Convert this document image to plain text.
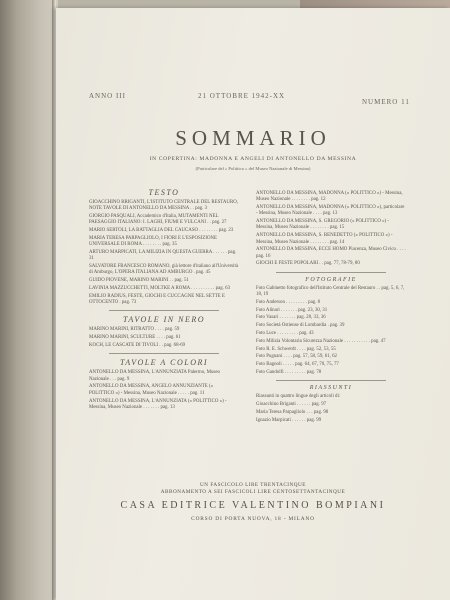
ANNO III	21 OTTOBRE 1942-XX
NUMERO 11
SOMMARIO
IN COPERTINA: MADONNA E ANGELI DI ANTONELLO DA MESSINA
(Particolare del « Polittico » del Museo Nazionale di Messina)
TESTO
GIOACCHINO BRIGANTI, L'ISTITUTO CENTRALE DEL RESTAURO, NOTE TAVOLE DI ANTONELLO DA MESSINA . . pag. 3
GIORGIO PASQUALI, Accademico d'Italia, MUTAMENTI NEL PAESAGGIO ITALIANO: I. LAGHI, FIUMI E VULCANI . . pag. 27
MARIO SERTOLI, LA BATTAGLIA DEL CAUCASO . . . . . . . . pag. 23
MARIA TERESA PARPAGLIOLO, I FIORI E L'ESPOSIZIONE UNIVERSALE DI ROMA . . . . . . . . pag. 35
ARTURO MARPICATI, LA MILIZIA IN QUESTA GUERRA . . . . . . pag. 31
SALVATORE FRANCESCO ROMANO, già lettore d'italiano all'Università di Amburgo, L'OPERA ITALIANA AD AMBURGO . pag. 45
GUIDO PIOVENE, MARINO MARINI . . pag. 51
LAVINIA MAZZUCCHETTI, MOLTKE A ROMA . . . . . . . . . . pag. 63
EMILIO RADIUS, FESTE, GIOCHI E CUCCAGNE NEL SETTE E OTTOCENTO . pag. 73
TAVOLE IN NERO
MARINO MARINI, RITRATTO . . . . pag. 59
MARINO MARINI, SCULTURE . . . . pag. 61
KOCH, LE CASCATE DI TIVOLI . . pag. 68-69
TAVOLE A COLORI
ANTONELLO DA MESSINA, L'ANNUNZIATA Palermo, Museo Nazionale . . . pag. 9
ANTONELLO DA MESSINA, ANGELO ANNUNZIANTE (« POLITTICO ») - Messina, Museo Nazionale . . . . . pag. 11
ANTONELLO DA MESSINA, L'ANNUNZIATA (« POLITTICO ») - Messina, Museo Nazionale . . . . . . . pag. 13
ANTONELLO DA MESSINA, MADONNA (« POLITTICO ») - Messina, Museo Nazionale . . . . . . . . pag. 12
ANTONELLO DA MESSINA, MADONNA (« POLITTICO »), particolare - Messina, Museo Nazionale . . . . pag. 13
ANTONELLO DA MESSINA, S. GREGORIO (« POLITTICO ») - Messina, Museo Nazionale . . . . . . . . pag. 15
ANTONELLO DA MESSINA, S. BENEDETTO (« POLITTICO ») - Messina, Museo Nazionale . . . . . . . . pag. 14
ANTONELLO DA MESSINA, ECCE HOMO Piacenza, Museo Civico . . . . pag. 16
GIOCHI E FESTE POPOLARI . . pag. 77, 78-79, 80
FOTOGRAFIE
Foto Gabinetto fotografico dell'Istituto Centrale del Restauro . . pag. 5, 6, 7, 18, 19
Foto Anderson . . . . . . . . . pag. 8
Foto Alinari . . . . . . . pag. 23, 30, 31
Foto Vasari . . . . . . . pag. 28, 33, 36
Foto Società Ostiense di Lombardia . pag. 39
Foto Luce . . . . . . . . . pag. 43
Foto Milizia Volontaria Sicurezza Nazionale . . . . . . . . . . . pag. 47
Foto R. E. Schwerdt . . . . pag. 52, 53, 55
Foto Pugnani . . . . pag. 57, 58, 59, 61, 62
Foto Bagnoli . . . . . pag. 64, 67, 70, 75, 77
Foto Gandolfi . . . . . . . . . pag. 78
RIASSUNTI
Riassunti in quattro lingue degli articoli di:
Gioacchino Briganti . . . . . . pag. 97
Maria Teresa Parpagliolo . . . pag. 98
Ignazio Marpicati . . . . . . pag. 99
UN FASCICOLO LIRE TRENTACINQUE
ABBONAMENTO A SEI FASCICOLI LIRE CENTOSETTANTACINQUE
CASA EDITRICE VALENTINO BOMPIANI
CORSO DI PORTA NUOVA, 18 - MILANO
